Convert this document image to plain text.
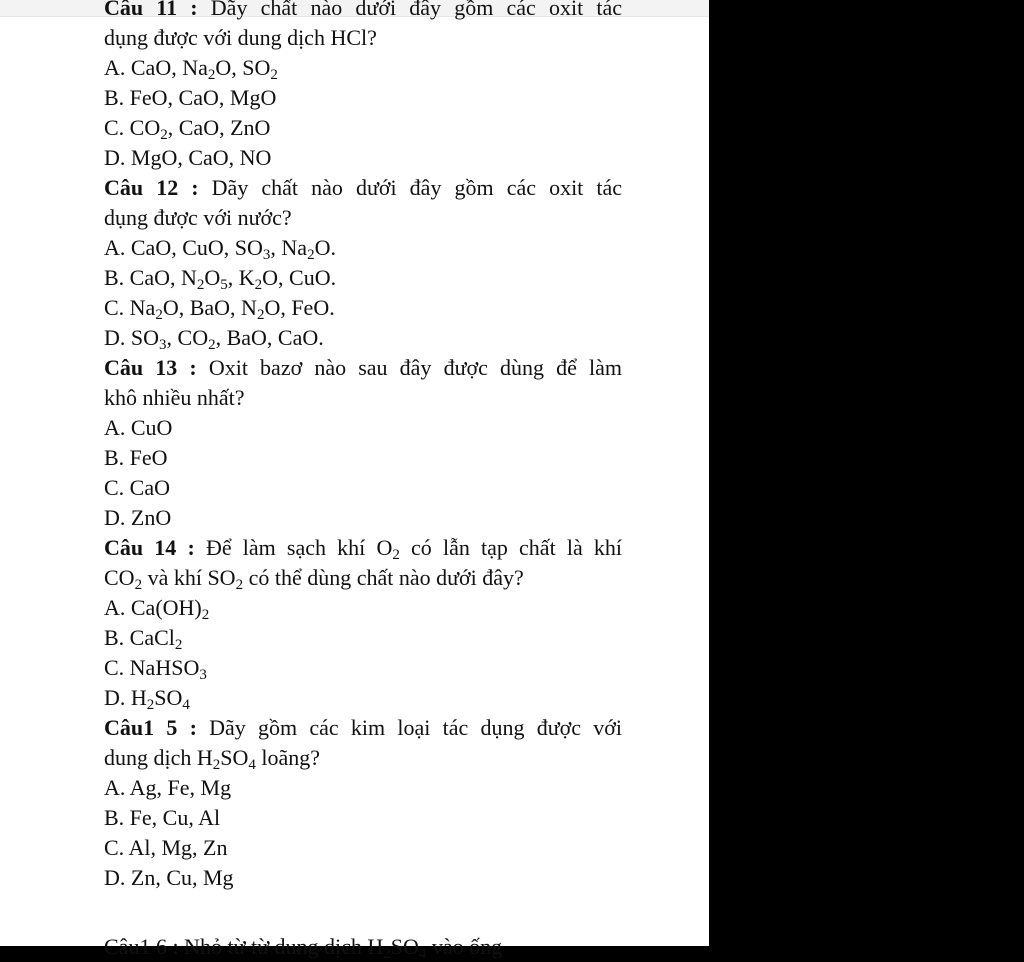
Câu 11 : Dãy chất nào dưới đây gồm các oxit tác
dụng được với dung dịch HCl?
A. CaO, $Na_2O$, $SO_2$
B. FeO, CaO, MgO
C. $CO_2$, CaO, ZnO
D. MgO, CaO, NO
Câu 12 : Dãy chất nào dưới đây gồm các oxit tác
dụng được với nước?
A. CaO, CuO, $SO_3$, $Na_2O$.
B. CaO, $N_2O_5$, $K_2O$, CuO.
C. $Na_2O$, BaO, $N_2O$, FeO.
D. $SO_3$, $CO_2$, BaO, CaO.
Câu 13 : Oxit bazơ nào sau đây được dùng để làm
khô nhiều nhất?
A. CuO
B. FeO
C. CaO
D. ZnO
Câu 14 : Để làm sạch khí $O_2$ có lẫn tạp chất là khí
$CO_2$ và khí $SO_2$ có thể dùng chất nào dưới đây?
A. $Ca(OH)_2$
B. CaCl$_2$
C. NaHSO$_3$
D. $H_2SO_4$
Câu1 5 : Dãy gồm các kim loại tác dụng được với
dung dịch $H_2SO_4$ loãng?
A. Ag, Fe, Mg
B. Fe, Cu, Al
C. Al, Mg, Zn
D. Zn, Cu, Mg
Câu1 6 : Nhỏ từ từ dung dịch $H_2SO_4$ vào ống
